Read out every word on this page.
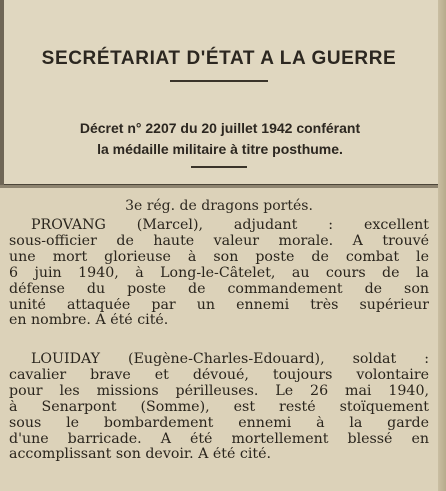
SECRÉTARIAT D'ÉTAT A LA GUERRE
Décret n° 2207 du 20 juillet 1942 conférant
la médaille militaire à titre posthume.
3e rég. de dragons portés.
PROVANG (Marcel), adjudant : excellent
sous-officier de haute valeur morale. A trouvé
une mort glorieuse à son poste de combat le
6 juin 1940, à Long-le-Câtelet, au cours de la
défense du poste de commandement de son
unité attaquée par un ennemi très supérieur
en nombre. A été cité.
LOUIDAY (Eugène-Charles-Edouard), soldat :
cavalier brave et dévoué, toujours volontaire
pour les missions périlleuses. Le 26 mai 1940,
à Senarpont (Somme), est resté stoïquement
sous le bombardement ennemi à la garde
d'une barricade. A été mortellement blessé en
accomplissant son devoir. A été cité.
